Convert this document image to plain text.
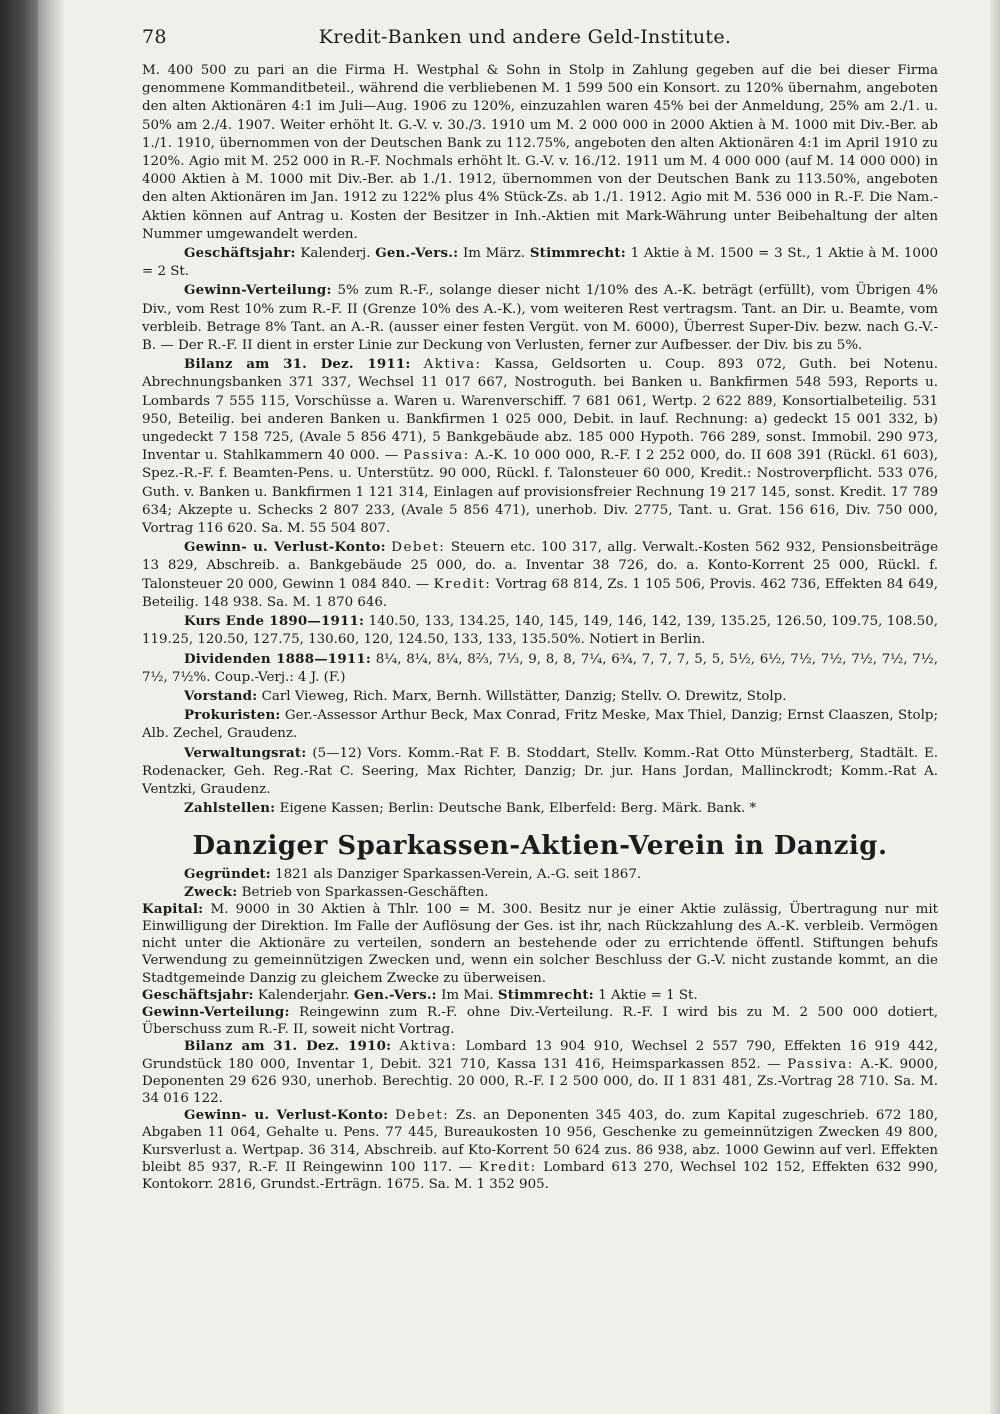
78	Kredit-Banken und andere Geld-Institute.

M. 400 500 zu pari an die Firma H. Westphal & Sohn in Stolp in Zahlung gegeben auf die bei dieser Firma genommene Kommanditbeteil., während die verbliebenen M. 1 599 500 ein Konsort. zu 120% übernahm, angeboten den alten Aktionären 4:1 im Juli—Aug. 1906 zu 120%, einzuzahlen waren 45% bei der Anmeldung, 25% am 2./1. u. 50% am 2./4. 1907. Weiter erhöht lt. G.-V. v. 30./3. 1910 um M. 2 000 000 in 2000 Aktien à M. 1000 mit Div.-Ber. ab 1./1. 1910, übernommen von der Deutschen Bank zu 112.75%, angeboten den alten Aktionären 4:1 im April 1910 zu 120%. Agio mit M. 252 000 in R.-F. Nochmals erhöht lt. G.-V. v. 16./12. 1911 um M. 4 000 000 (auf M. 14 000 000) in 4000 Aktien à M. 1000 mit Div.-Ber. ab 1./1. 1912, übernommen von der Deutschen Bank zu 113.50%, angeboten den alten Aktionären im Jan. 1912 zu 122% plus 4% Stück-Zs. ab 1./1. 1912. Agio mit M. 536 000 in R.-F. Die Nam.-Aktien können auf Antrag u. Kosten der Besitzer in Inh.-Aktien mit Mark-Währung unter Beibehaltung der alten Nummer umgewandelt werden.

Geschäftsjahr: Kalenderj. Gen.-Vers.: Im März. Stimmrecht: 1 Aktie à M. 1500 = 3 St., 1 Aktie à M. 1000 = 2 St.

Gewinn-Verteilung: 5% zum R.-F., solange dieser nicht 1/10% des A.-K. beträgt (erfüllt), vom Übrigen 4% Div., vom Rest 10% zum R.-F. II (Grenze 10% des A.-K.), vom weiteren Rest vertragsm. Tant. an Dir. u. Beamte, vom verbleib. Betrage 8% Tant. an A.-R. (ausser einer festen Vergüt. von M. 6000), Überrest Super-Div. bezw. nach G.-V.-B. — Der R.-F. II dient in erster Linie zur Deckung von Verlusten, ferner zur Aufbesser. der Div. bis zu 5%.

Bilanz am 31. Dez. 1911: Aktiva: Kassa, Geldsorten u. Coup. 893 072, Guth. bei Notenu. Abrechnungsbanken 371 337, Wechsel 11 017 667, Nostroguth. bei Banken u. Bankfirmen 548 593, Reports u. Lombards 7 555 115, Vorschüsse a. Waren u. Warenverschiff. 7 681 061, Wertp. 2 622 889, Konsortialbeteilig. 531 950, Beteilig. bei anderen Banken u. Bankfirmen 1 025 000, Debit. in lauf. Rechnung: a) gedeckt 15 001 332, b) ungedeckt 7 158 725, (Avale 5 856 471), 5 Bankgebäude abz. 185 000 Hypoth. 766 289, sonst. Immobil. 290 973, Inventar u. Stahlkammern 40 000. — Passiva: A.-K. 10 000 000, R.-F. I 2 252 000, do. II 608 391 (Rückl. 61 603), Spez.-R.-F. f. Beamten-Pens. u. Unterstütz. 90 000, Rückl. f. Talonsteuer 60 000, Kredit.: Nostroverpflicht. 533 076, Guth. v. Banken u. Bankfirmen 1 121 314, Einlagen auf provisionsfreier Rechnung 19 217 145, sonst. Kredit. 17 789 634; Akzepte u. Schecks 2 807 233, (Avale 5 856 471), unerhob. Div. 2775, Tant. u. Grat. 156 616, Div. 750 000, Vortrag 116 620. Sa. M. 55 504 807.

Gewinn- u. Verlust-Konto: Debet: Steuern etc. 100 317, allg. Verwalt.-Kosten 562 932, Pensionsbeiträge 13 829, Abschreib. a. Bankgebäude 25 000, do. a. Inventar 38 726, do. a. Konto-Korrent 25 000, Rückl. f. Talonsteuer 20 000, Gewinn 1 084 840. — Kredit: Vortrag 68 814, Zs. 1 105 506, Provis. 462 736, Effekten 84 649, Beteilig. 148 938. Sa. M. 1 870 646.

Kurs Ende 1890—1911: 140.50, 133, 134.25, 140, 145, 149, 146, 142, 139, 135.25, 126.50, 109.75, 108.50, 119.25, 120.50, 127.75, 130.60, 120, 124.50, 133, 133, 135.50%. Notiert in Berlin.

Dividenden 1888—1911: 8¼, 8¼, 8¼, 8²⁄₃, 7¹⁄₃, 9, 8, 8, 7¼, 6¾, 7, 7, 7, 5, 5, 5½, 6½, 7½, 7½, 7½, 7½, 7½, 7½, 7½%. Coup.-Verj.: 4 J. (F.)

Vorstand: Carl Vieweg, Rich. Marx, Bernh. Willstätter, Danzig; Stellv. O. Drewitz, Stolp.

Prokuristen: Ger.-Assessor Arthur Beck, Max Conrad, Fritz Meske, Max Thiel, Danzig; Ernst Claaszen, Stolp; Alb. Zechel, Graudenz.

Verwaltungsrat: (5—12) Vors. Komm.-Rat F. B. Stoddart, Stellv. Komm.-Rat Otto Münsterberg, Stadtält. E. Rodenacker, Geh. Reg.-Rat C. Seering, Max Richter, Danzig; Dr. jur. Hans Jordan, Mallinckrodt; Komm.-Rat A. Ventzki, Graudenz.

Zahlstellen: Eigene Kassen; Berlin: Deutsche Bank, Elberfeld: Berg. Märk. Bank. *

Danziger Sparkassen-Aktien-Verein in Danzig.

Gegründet: 1821 als Danziger Sparkassen-Verein, A.-G. seit 1867.

Zweck: Betrieb von Sparkassen-Geschäften.

Kapital: M. 9000 in 30 Aktien à Thlr. 100 = M. 300. Besitz nur je einer Aktie zulässig, Übertragung nur mit Einwilligung der Direktion. Im Falle der Auflösung der Ges. ist ihr, nach Rückzahlung des A.-K. verbleib. Vermögen nicht unter die Aktionäre zu verteilen, sondern an bestehende oder zu errichtende öffentl. Stiftungen behufs Verwendung zu gemeinnützigen Zwecken und, wenn ein solcher Beschluss der G.-V. nicht zustande kommt, an die Stadtgemeinde Danzig zu gleichem Zwecke zu überweisen.

Geschäftsjahr: Kalenderjahr. Gen.-Vers.: Im Mai. Stimmrecht: 1 Aktie = 1 St.

Gewinn-Verteilung: Reingewinn zum R.-F. ohne Div.-Verteilung. R.-F. I wird bis zu M. 2 500 000 dotiert, Überschuss zum R.-F. II, soweit nicht Vortrag.

Bilanz am 31. Dez. 1910: Aktiva: Lombard 13 904 910, Wechsel 2 557 790, Effekten 16 919 442, Grundstück 180 000, Inventar 1, Debit. 321 710, Kassa 131 416, Heimsparkassen 852. — Passiva: A.-K. 9000, Deponenten 29 626 930, unerhob. Berechtig. 20 000, R.-F. I 2 500 000, do. II 1 831 481, Zs.-Vortrag 28 710. Sa. M. 34 016 122.

Gewinn- u. Verlust-Konto: Debet: Zs. an Deponenten 345 403, do. zum Kapital zugeschrieb. 672 180, Abgaben 11 064, Gehalte u. Pens. 77 445, Bureaukosten 10 956, Geschenke zu gemeinnützigen Zwecken 49 800, Kursverlust a. Wertpap. 36 314, Abschreib. auf Kto-Korrent 50 624 zus. 86 938, abz. 1000 Gewinn auf verl. Effekten bleibt 85 937, R.-F. II Reingewinn 100 117. — Kredit: Lombard 613 270, Wechsel 102 152, Effekten 632 990, Kontokorr. 2816, Grundst.-Erträgn. 1675. Sa. M. 1 352 905.
